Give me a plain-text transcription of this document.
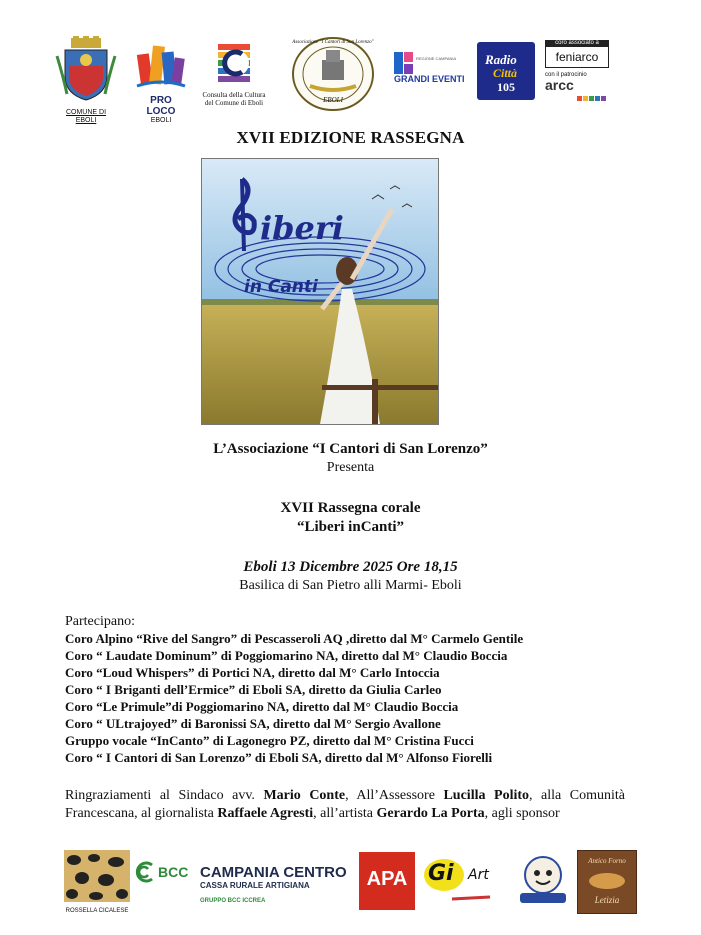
COMUNE DI EBOLI
PRO LOCO
EBOLI
Consulta della Cultura
del Comune di Eboli
Associazione "I Cantori di San Lorenzo"
EBOLI
REGIONE CAMPANIA
GRANDI EVENTI
Radio
Città
105
coro associato a
feniarco
con il patrocinio
arcc
XVII EDIZIONE RASSEGNA
iberi
in Canti
L’Associazione “I Cantori di San Lorenzo”
Presenta
XVII Rassegna corale
“Liberi inCanti”
Eboli 13 Dicembre 2025 Ore 18,15
Basilica di San Pietro alli Marmi- Eboli
Partecipano:
Coro Alpino “Rive del Sangro” di Pescasseroli AQ ,diretto dal M° Carmelo Gentile
Coro “ Laudate Dominum” di Poggiomarino NA, diretto dal M° Claudio Boccia
Coro “Loud Whispers” di Portici NA, diretto dal M° Carlo Intoccia
Coro “ I Briganti dell’Ermice” di Eboli SA, diretto da Giulia Carleo
Coro “Le Primule”di Poggiomarino NA, diretto dal M° Claudio Boccia
Coro “ ULtrajoyed” di Baronissi SA, diretto dal M° Sergio Avallone
Gruppo vocale “InCanto” di Lagonegro PZ, diretto dal M° Cristina Fucci
Coro “ I Cantori di San Lorenzo” di Eboli SA, diretto dal M° Alfonso Fiorelli
Ringraziamenti al Sindaco avv. Mario Conte, All’Assessore Lucilla Polito, alla Comunità Francescana, al giornalista Raffaele Agresti, all’artista Gerardo La Porta, agli sponsor
ROSSELLA CICALESE
BCC CAMPANIA CENTRO
CASSA RURALE ARTIGIANA
GRUPPO BCC ICCREA
APA Gi Art
Antico Forno
Letizia
